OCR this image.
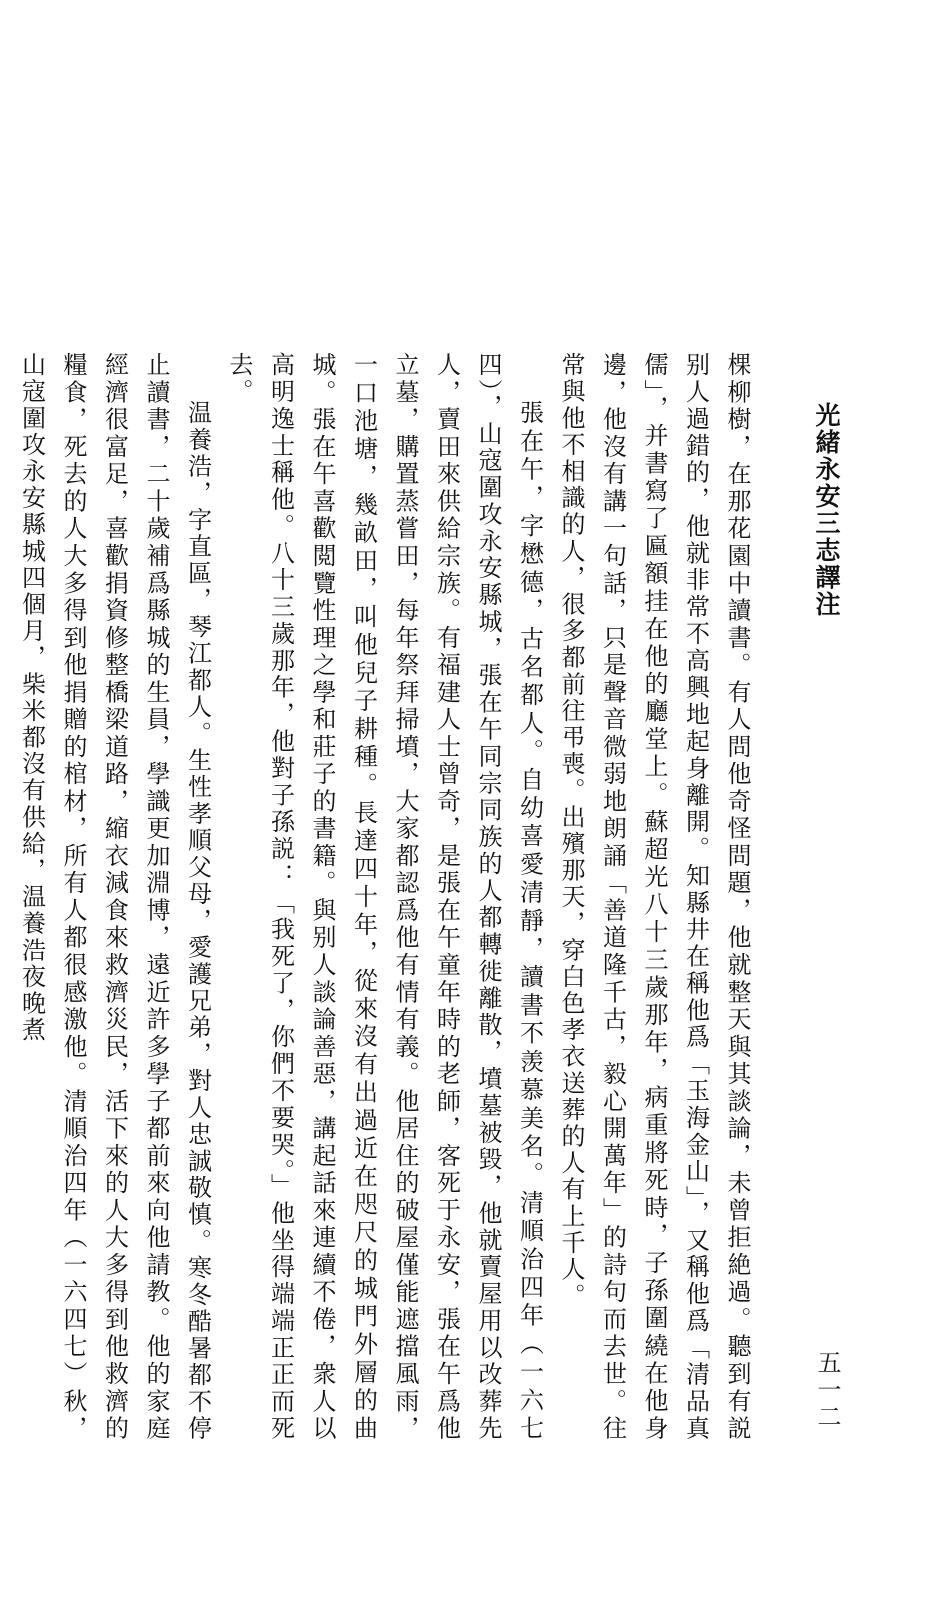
光緒永安三志譯注
五一二

棵柳樹，在那花園中讀書。有人問他奇怪問題，他就整天與其談論，未曾拒絶過。聽到有説别人過錯的，他就非常不高興地起身離開。知縣井在稱他爲「玉海金山」，又稱他爲「清品真儒」，并書寫了匾額挂在他的廳堂上。蘇超光八十三歲那年，病重將死時，子孫圍繞在他身邊，他沒有講一句話，只是聲音微弱地朗誦「善道隆千古，毅心開萬年」的詩句而去世。往常與他不相識的人，很多都前往弔喪。出殯那天，穿白色孝衣送葬的人有上千人。

張在午，字懋德，古名都人。自幼喜愛清靜，讀書不羡慕美名。清順治四年（一六七四），山寇圍攻永安縣城，張在午同宗同族的人都轉徙離散，墳墓被毀，他就賣屋用以改葬先人，賣田來供給宗族。有福建人士曾奇，是張在午童年時的老師，客死于永安，張在午爲他立墓，購置蒸嘗田，每年祭拜掃墳，大家都認爲他有情有義。他居住的破屋僅能遮擋風雨，一口池塘，幾畝田，叫他兒子耕種。長達四十年，從來沒有出過近在咫尺的城門外層的曲城。張在午喜歡閲覽性理之學和莊子的書籍。與别人談論善惡，講起話來連續不倦，衆人以高明逸士稱他。八十三歲那年，他對子孫説：「我死了，你們不要哭。」他坐得端端正正而死去。

温養浩，字直區，琴江都人。生性孝順父母，愛護兄弟，對人忠誠敬慎。寒冬酷暑都不停止讀書，二十歲補爲縣城的生員，學識更加淵博，遠近許多學子都前來向他請教。他的家庭經濟很富足，喜歡捐資修整橋梁道路，縮衣減食來救濟災民，活下來的人大多得到他救濟的糧食，死去的人大多得到他捐贈的棺材，所有人都很感激他。清順治四年（一六四七）秋，山寇圍攻永安縣城四個月，柴米都沒有供給，温養浩夜晚煮
